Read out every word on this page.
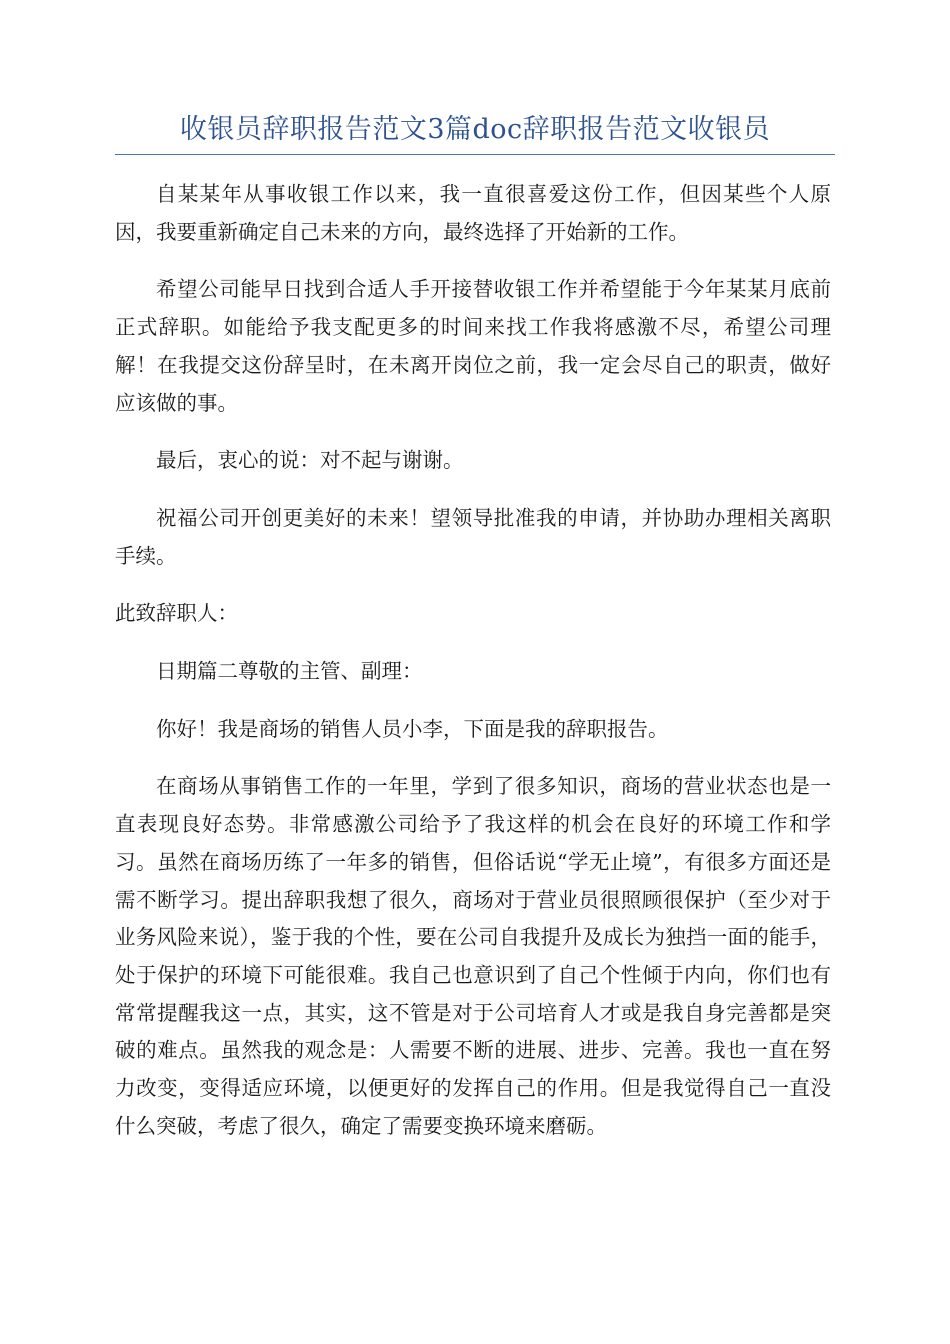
收银员辞职报告范文3篇doc辞职报告范文收银员

自某某年从事收银工作以来，我一直很喜爱这份工作，但因某些个人原因，我要重新确定自己未来的方向，最终选择了开始新的工作。

希望公司能早日找到合适人手开接替收银工作并希望能于今年某某月底前正式辞职。如能给予我支配更多的时间来找工作我将感激不尽，希望公司理解！在我提交这份辞呈时，在未离开岗位之前，我一定会尽自己的职责，做好应该做的事。

最后，衷心的说：对不起与谢谢。

祝福公司开创更美好的未来！望领导批准我的申请，并协助办理相关离职手续。

此致辞职人：

日期篇二尊敬的主管、副理：

你好！我是商场的销售人员小李，下面是我的辞职报告。

在商场从事销售工作的一年里，学到了很多知识，商场的营业状态也是一直表现良好态势。非常感激公司给予了我这样的机会在良好的环境工作和学习。虽然在商场历练了一年多的销售，但俗话说“学无止境”，有很多方面还是需不断学习。提出辞职我想了很久，商场对于营业员很照顾很保护（至少对于业务风险来说），鉴于我的个性，要在公司自我提升及成长为独挡一面的能手，处于保护的环境下可能很难。我自己也意识到了自己个性倾于内向，你们也有常常提醒我这一点，其实，这不管是对于公司培育人才或是我自身完善都是突破的难点。虽然我的观念是：人需要不断的进展、进步、完善。我也一直在努力改变，变得适应环境，以便更好的发挥自己的作用。但是我觉得自己一直没什么突破，考虑了很久，确定了需要变换环境来磨砺。
